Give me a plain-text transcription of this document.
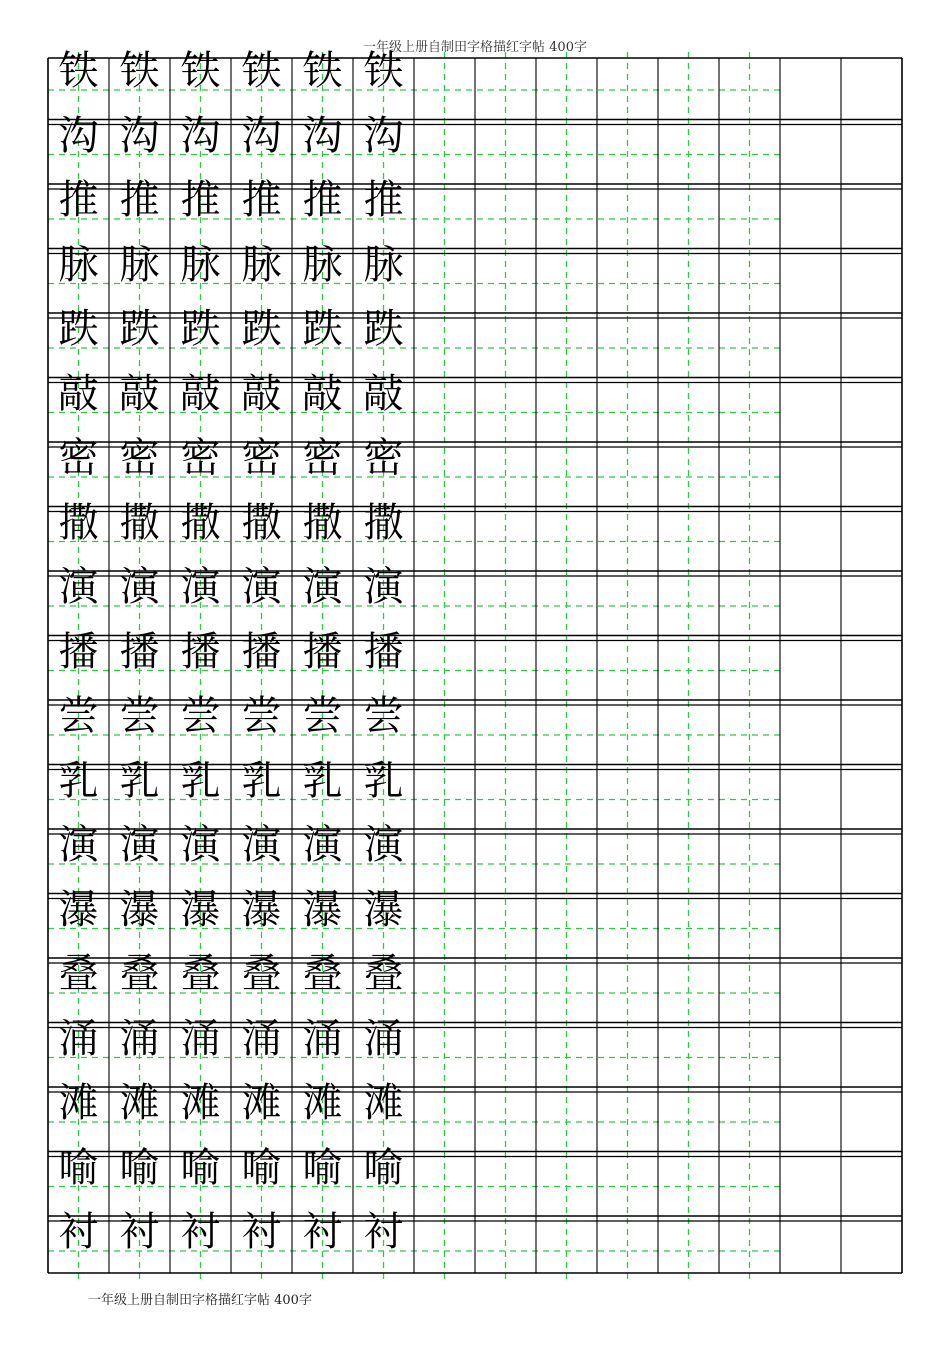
一年级上册自制田字格描红字帖 400字
铁 铁 铁 铁 铁 铁
沟 沟 沟 沟 沟 沟
推 推 推 推 推 推
脉 脉 脉 脉 脉 脉
跌 跌 跌 跌 跌 跌
敲 敲 敲 敲 敲 敲
密 密 密 密 密 密
撒 撒 撒 撒 撒 撒
演 演 演 演 演 演
播 播 播 播 播 播
尝 尝 尝 尝 尝 尝
乳 乳 乳 乳 乳 乳
演 演 演 演 演 演
瀑 瀑 瀑 瀑 瀑 瀑
叠 叠 叠 叠 叠 叠
涌 涌 涌 涌 涌 涌
滩 滩 滩 滩 滩 滩
喻 喻 喻 喻 喻 喻
衬 衬 衬 衬 衬 衬
一年级上册自制田字格描红字帖 400字
